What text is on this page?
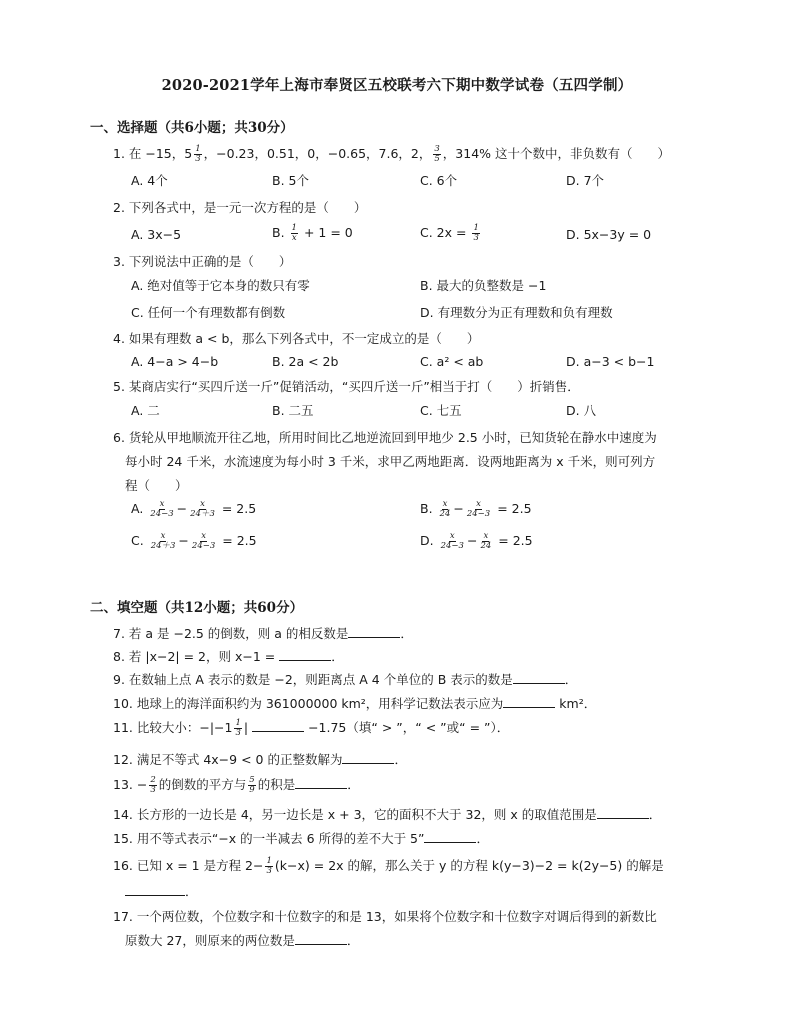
2020-2021学年上海市奉贤区五校联考六下期中数学试卷（五四学制）
一、选择题（共6小题；共30分）
1. 在 −15，$5 \frac{1}{3}$ ，−0.23，0.51，0，−0.65，7.6，2， $\frac{3}{5}$ ，314% 这十个数中，非负数有（　　）
A. 4个	B. 5个	C. 6个	D. 7个
2. 下列各式中，是一元一次方程的是（　　）
A. 3x−5	B. $\frac{1}{x} + 1 = 0$	C. $2x = \frac{1}{3}$	D. 5x−3y = 0
3. 下列说法中正确的是（　　）
A. 绝对值等于它本身的数只有零	B. 最大的负整数是 −1
C. 任何一个有理数都有倒数	D. 有理数分为正有理数和负有理数
4. 如果有理数 a < b，那么下列各式中，不一定成立的是（　　）
A. 4−a > 4−b	B. 2a < 2b	C. a² < ab	D. a−3 < b−1
5. 某商店实行“买四斤送一斤”促销活动，“买四斤送一斤”相当于打（　　）折销售．
A. 二	B. 二五	C. 七五	D. 八
6. 货轮从甲地顺流开往乙地，所用时间比乙地逆流回到甲地少 2.5 小时，已知货轮在静水中速度为
每小时 24 千米，水流速度为每小时 3 千米，求甲乙两地距离．设两地距离为 x 千米，则可列方
程（　　）
A. $\frac{x}{24-3} - \frac{x}{24+3} = 2.5$	B. $\frac{x}{24} - \frac{x}{24-3} = 2.5$
C. $\frac{x}{24+3} - \frac{x}{24-3} = 2.5$	D. $\frac{x}{24-3} - \frac{x}{24} = 2.5$
二、填空题（共12小题；共60分）
7. 若 a 是 −2.5 的倒数，则 a 的相反数是	．
8. 若 |x−2| = 2，则 x−1 =	．
9. 在数轴上点 A 表示的数是 −2，则距离点 A 4 个单位的 B 表示的数是	．
10. 地球上的海洋面积约为 361000000 km²，用科学记数法表示应为	km²．
11. 比较大小：$-|-1 \frac{1}{3}$ |	−1.75（填“ > ”，“ < ”或“ = ”）．
12. 满足不等式 4x−9 < 0 的正整数解为	．
13. − $\frac{2}{3}$ 的倒数的平方与 $\frac{5}{9}$ 的积是	．
14. 长方形的一边长是 4，另一边长是 x + 3，它的面积不大于 32，则 x 的取值范围是	．
15. 用不等式表示“−x 的一半减去 6 所得的差不大于 5”	．
16. 已知 x = 1 是方程 $2- \frac{1}{3} (k-x) = 2x$ 的解，那么关于 y 的方程 k(y−3)−2 = k(2y−5) 的解是
．
17. 一个两位数，个位数字和十位数字的和是 13，如果将个位数字和十位数字对调后得到的新数比
原数大 27，则原来的两位数是	．
